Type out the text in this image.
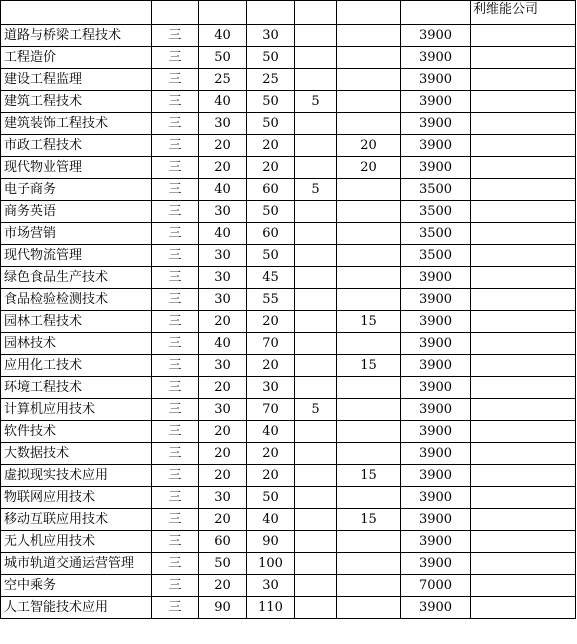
							利维能公司
道路与桥梁工程技术	三	40	30			3900	
工程造价	三	50	50			3900	
建设工程监理	三	25	25			3900	
建筑工程技术	三	40	50	5		3900	
建筑装饰工程技术	三	30	50			3900	
市政工程技术	三	20	20		20	3900	
现代物业管理	三	20	20		20	3900	
电子商务	三	40	60	5		3500	
商务英语	三	30	50			3500	
市场营销	三	40	60			3500	
现代物流管理	三	30	50			3500	
绿色食品生产技术	三	30	45			3900	
食品检验检测技术	三	30	55			3900	
园林工程技术	三	20	20		15	3900	
园林技术	三	40	70			3900	
应用化工技术	三	30	20		15	3900	
环境工程技术	三	20	30			3900	
计算机应用技术	三	30	70	5		3900	
软件技术	三	20	40			3900	
大数据技术	三	20	20			3900	
虚拟现实技术应用	三	20	20		15	3900	
物联网应用技术	三	30	50			3900	
移动互联应用技术	三	20	40		15	3900	
无人机应用技术	三	60	90			3900	
城市轨道交通运营管理	三	50	100			3900	
空中乘务	三	20	30			7000	
人工智能技术应用	三	90	110			3900	
